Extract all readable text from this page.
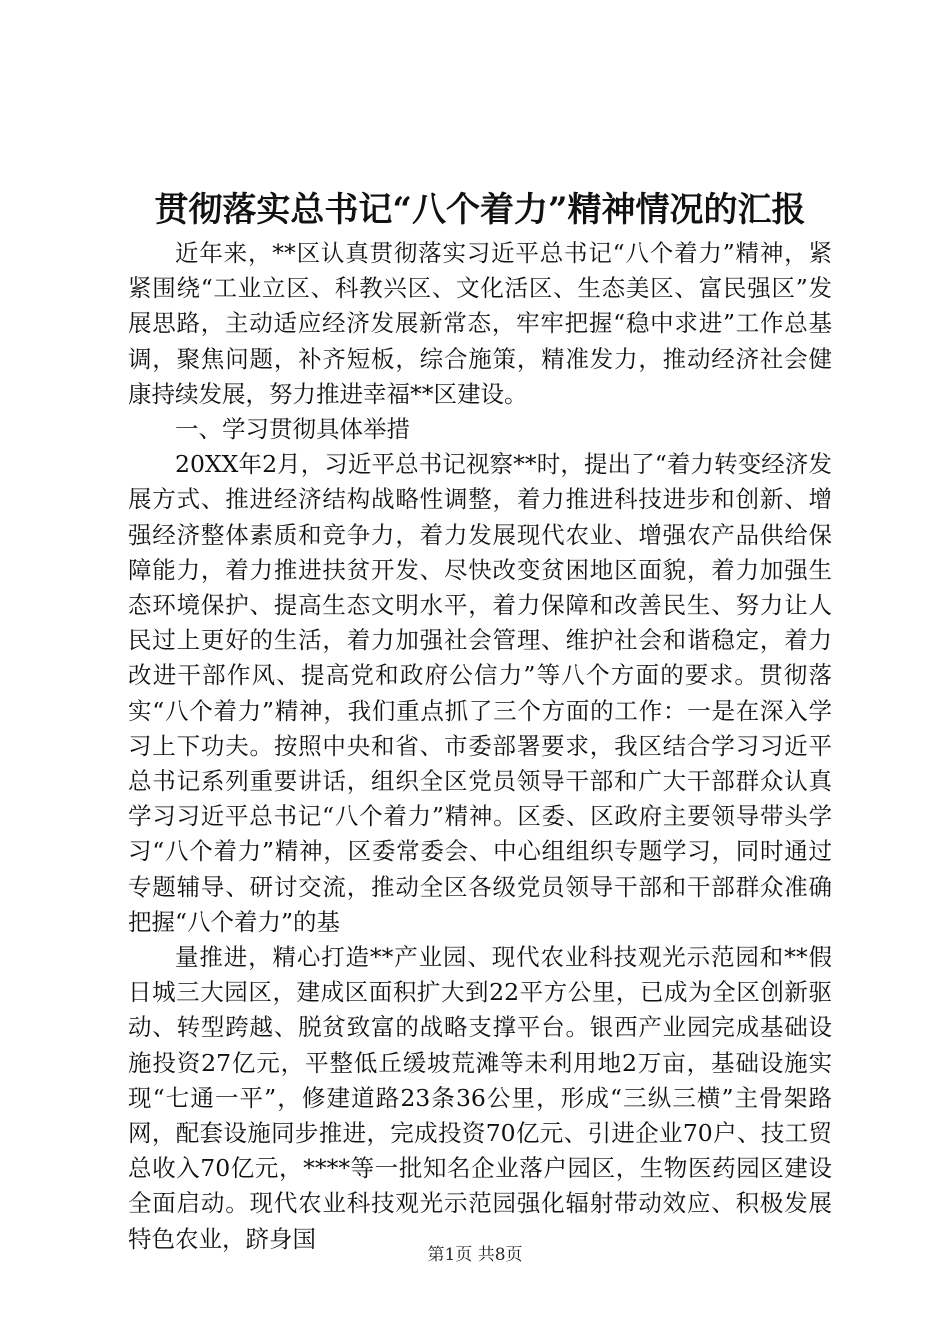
贯彻落实总书记“八个着力”精神情况的汇报

近年来，**区认真贯彻落实习近平总书记“八个着力”精神，紧紧围绕“工业立区、科教兴区、文化活区、生态美区、富民强区”发展思路，主动适应经济发展新常态，牢牢把握“稳中求进”工作总基调，聚焦问题，补齐短板，综合施策，精准发力，推动经济社会健康持续发展，努力推进幸福**区建设。

一、学习贯彻具体举措

20XX年2月，习近平总书记视察**时，提出了“着力转变经济发展方式、推进经济结构战略性调整，着力推进科技进步和创新、增强经济整体素质和竞争力，着力发展现代农业、增强农产品供给保障能力，着力推进扶贫开发、尽快改变贫困地区面貌，着力加强生态环境保护、提高生态文明水平，着力保障和改善民生、努力让人民过上更好的生活，着力加强社会管理、维护社会和谐稳定，着力改进干部作风、提高党和政府公信力”等八个方面的要求。贯彻落实“八个着力”精神，我们重点抓了三个方面的工作：一是在深入学习上下功夫。按照中央和省、市委部署要求，我区结合学习习近平总书记系列重要讲话，组织全区党员领导干部和广大干部群众认真学习习近平总书记“八个着力”精神。区委、区政府主要领导带头学习“八个着力”精神，区委常委会、中心组组织专题学习，同时通过专题辅导、研讨交流，推动全区各级党员领导干部和干部群众准确把握“八个着力”的基

量推进，精心打造**产业园、现代农业科技观光示范园和**假日城三大园区，建成区面积扩大到22平方公里，已成为全区创新驱动、转型跨越、脱贫致富的战略支撑平台。银西产业园完成基础设施投资27亿元，平整低丘缓坡荒滩等未利用地2万亩，基础设施实现“七通一平”，修建道路23条36公里，形成“三纵三横”主骨架路网，配套设施同步推进，完成投资70亿元、引进企业70户、技工贸总收入70亿元，****等一批知名企业落户园区，生物医药园区建设全面启动。现代农业科技观光示范园强化辐射带动效应、积极发展特色农业，跻身国

第1页 共8页
